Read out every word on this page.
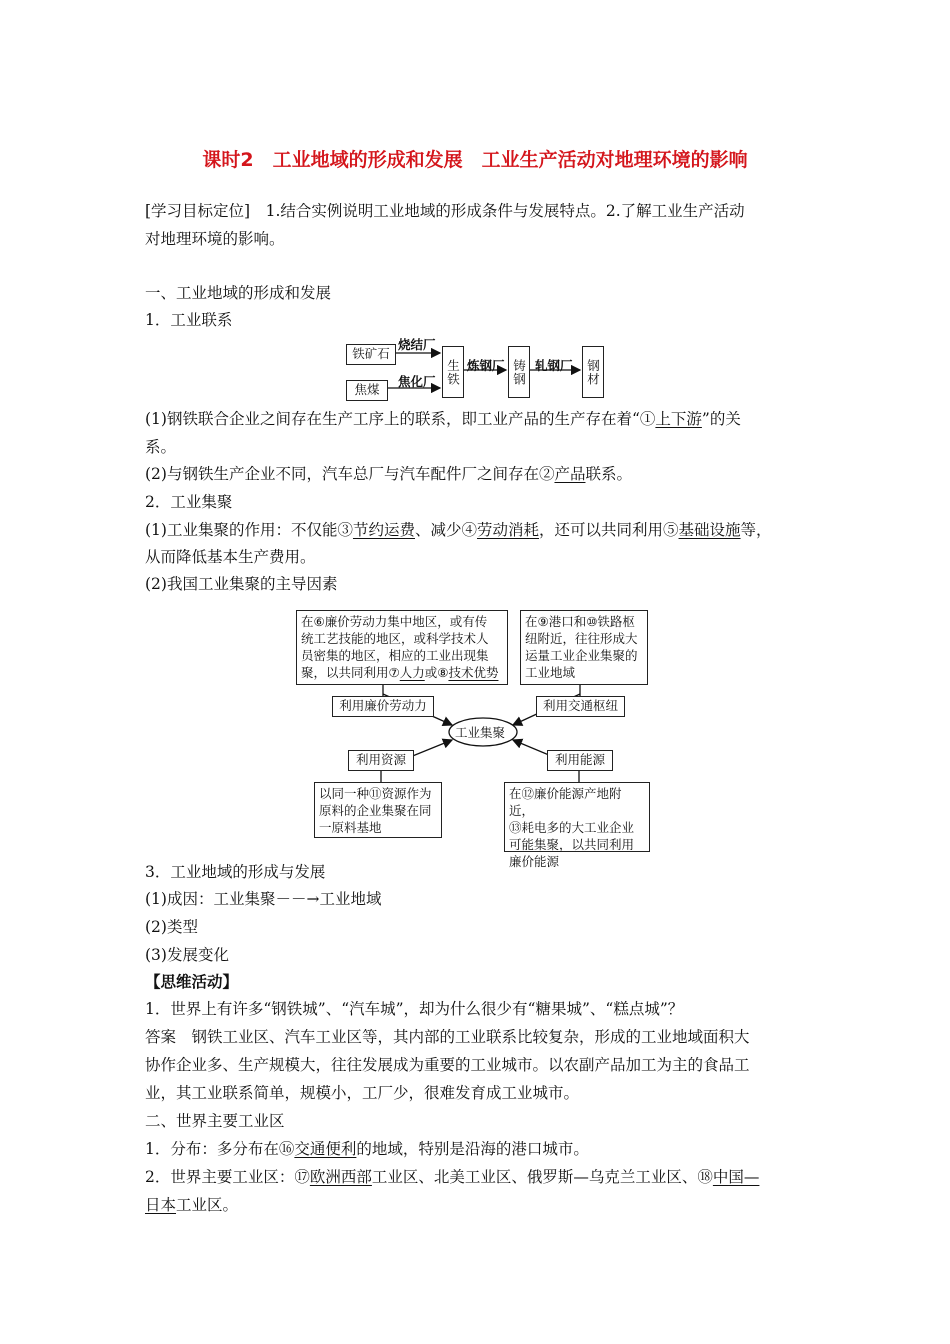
课时2　工业地域的形成和发展　工业生产活动对地理环境的影响
[学习目标定位]　1.结合实例说明工业地域的形成条件与发展特点。2.了解工业生产活动
对地理环境的影响。
一、工业地域的形成和发展
1．工业联系
铁矿石
焦煤
烧结厂
焦化厂 生铁 炼钢厂 铸钢 轧钢厂 钢材
(1)钢铁联合企业之间存在生产工序上的联系，即工业产品的生产存在着“①上下游”的关
系。
(2)与钢铁生产企业不同，汽车总厂与汽车配件厂之间存在②产品联系。
2．工业集聚
(1)工业集聚的作用：不仅能③节约运费、减少④劳动消耗，还可以共同利用⑤基础设施等，
从而降低基本生产费用。
(2)我国工业集聚的主导因素
在⑥廉价劳动力集中地区，或有传
统工艺技能的地区，或科学技术人
员密集的地区，相应的工业出现集
聚，以共同利用⑦人力或⑧技术优势
在⑨港口和⑩铁路枢
纽附近，往往形成大
运量工业企业集聚的
工业地域
利用廉价劳动力	利用交通枢纽
工业集聚
利用资源	利用能源
以同一种⑪资源作为
原料的企业集聚在同
一原料基地
在⑫廉价能源产地附近，
⑬耗电多的大工业企业
可能集聚，以共同利用
廉价能源
3．工业地域的形成与发展
(1)成因：工业集聚－－→工业地域
(2)类型
(3)发展变化
【思维活动】
1．世界上有许多“钢铁城”、“汽车城”，却为什么很少有“糖果城”、“糕点城”？
答案　钢铁工业区、汽车工业区等，其内部的工业联系比较复杂，形成的工业地域面积大
协作企业多、生产规模大，往往发展成为重要的工业城市。以农副产品加工为主的食品工
业，其工业联系简单，规模小，工厂少，很难发育成工业城市。
二、世界主要工业区
1．分布：多分布在⑯交通便利的地域，特别是沿海的港口城市。
2．世界主要工业区：⑰欧洲西部工业区、北美工业区、俄罗斯—乌克兰工业区、⑱中国—
日本工业区。
